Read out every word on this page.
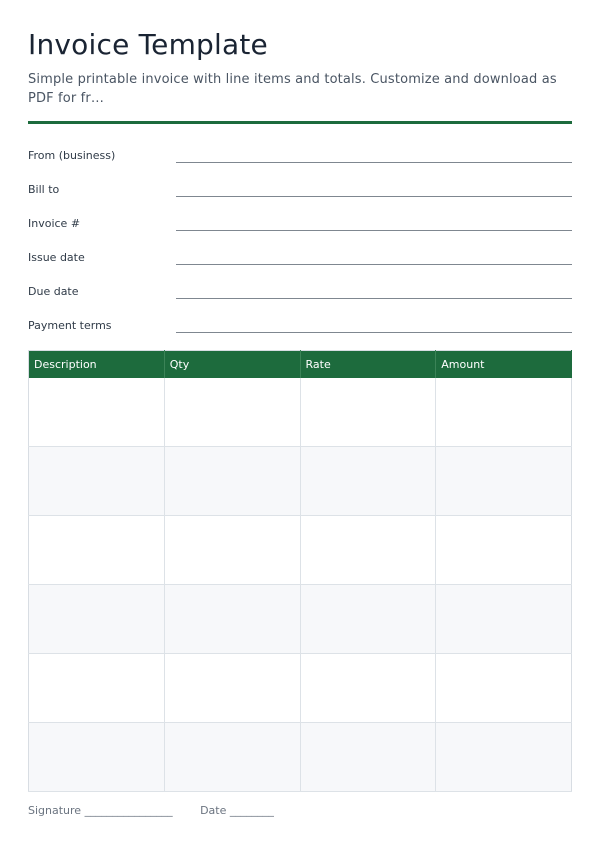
Invoice Template

Simple printable invoice with line items and totals. Customize and download as PDF for fr…

From (business)
Bill to
Invoice #
Issue date
Due date
Payment terms
Description	Qty	Rate	Amount

Signature ________________	Date ________
